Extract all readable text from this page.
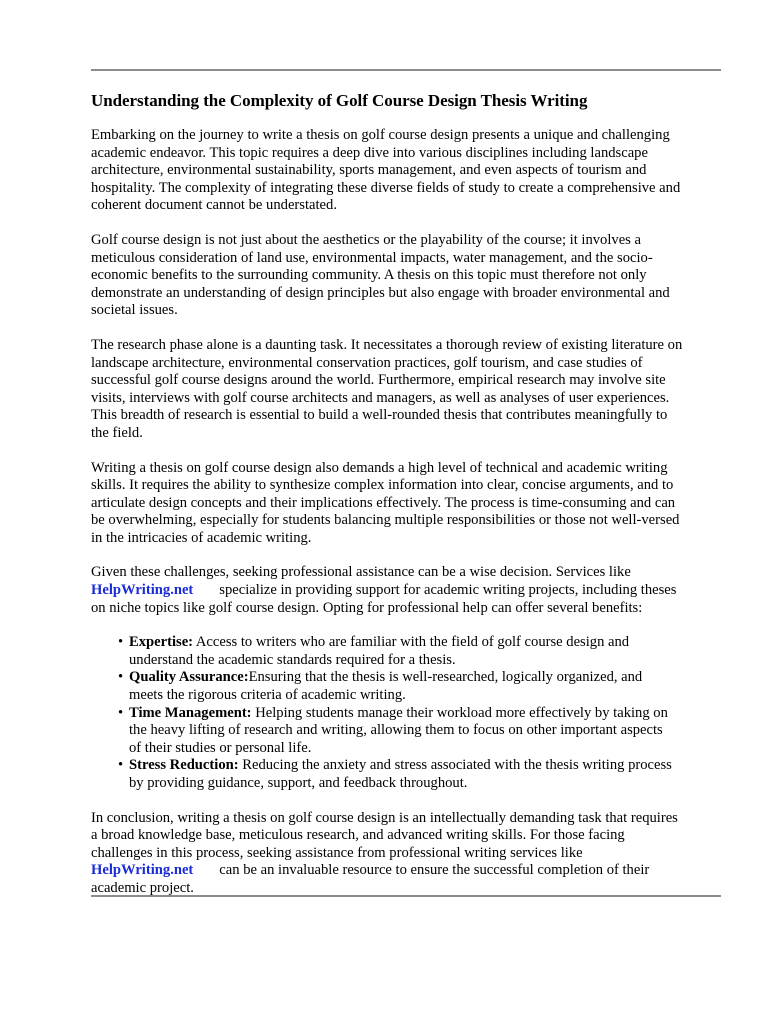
Understanding the Complexity of Golf Course Design Thesis Writing

Embarking on the journey to write a thesis on golf course design presents a unique and challenging
academic endeavor. This topic requires a deep dive into various disciplines including landscape
architecture, environmental sustainability, sports management, and even aspects of tourism and
hospitality. The complexity of integrating these diverse fields of study to create a comprehensive and
coherent document cannot be understated.

Golf course design is not just about the aesthetics or the playability of the course; it involves a
meticulous consideration of land use, environmental impacts, water management, and the socio-
economic benefits to the surrounding community. A thesis on this topic must therefore not only
demonstrate an understanding of design principles but also engage with broader environmental and
societal issues.

The research phase alone is a daunting task. It necessitates a thorough review of existing literature on
landscape architecture, environmental conservation practices, golf tourism, and case studies of
successful golf course designs around the world. Furthermore, empirical research may involve site
visits, interviews with golf course architects and managers, as well as analyses of user experiences.
This breadth of research is essential to build a well-rounded thesis that contributes meaningfully to
the field.

Writing a thesis on golf course design also demands a high level of technical and academic writing
skills. It requires the ability to synthesize complex information into clear, concise arguments, and to
articulate design concepts and their implications effectively. The process is time-consuming and can
be overwhelming, especially for students balancing multiple responsibilities or those not well-versed
in the intricacies of academic writing.

Given these challenges, seeking professional assistance can be a wise decision. Services like
HelpWriting.net specialize in providing support for academic writing projects, including theses
on niche topics like golf course design. Opting for professional help can offer several benefits:

• Expertise: Access to writers who are familiar with the field of golf course design and
understand the academic standards required for a thesis.
• Quality Assurance:Ensuring that the thesis is well-researched, logically organized, and
meets the rigorous criteria of academic writing.
• Time Management: Helping students manage their workload more effectively by taking on
the heavy lifting of research and writing, allowing them to focus on other important aspects
of their studies or personal life.
• Stress Reduction: Reducing the anxiety and stress associated with the thesis writing process
by providing guidance, support, and feedback throughout.

In conclusion, writing a thesis on golf course design is an intellectually demanding task that requires
a broad knowledge base, meticulous research, and advanced writing skills. For those facing
challenges in this process, seeking assistance from professional writing services like
HelpWriting.net can be an invaluable resource to ensure the successful completion of their
academic project.
